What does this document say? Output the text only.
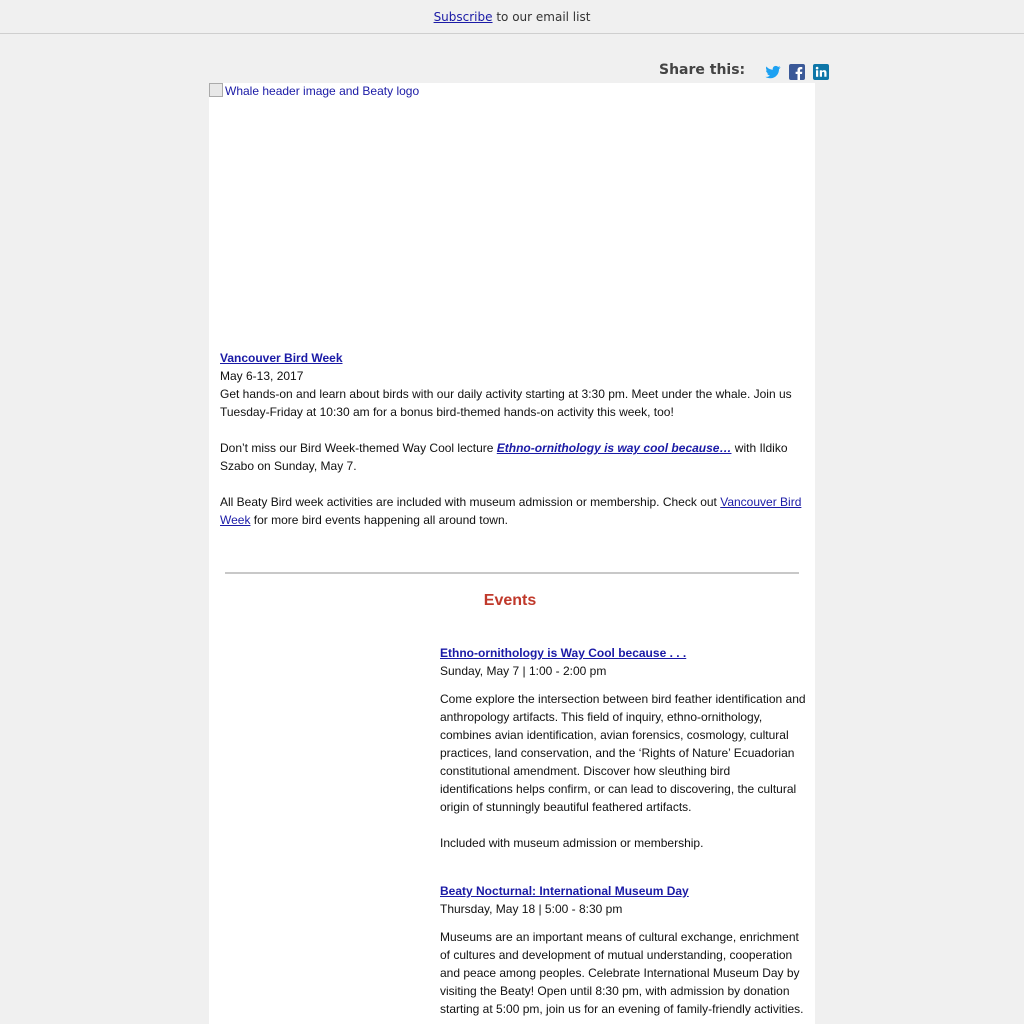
Subscribe to our email list
Share this:
Whale header image and Beaty logo

Vancouver Bird Week
May 6-13, 2017
Get hands-on and learn about birds with our daily activity starting at 3:30 pm. Meet under the whale. Join us Tuesday-Friday at 10:30 am for a bonus bird-themed hands-on activity this week, too!

Don’t miss our Bird Week-themed Way Cool lecture Ethno-ornithology is way cool because… with Ildiko Szabo on Sunday, May 7.

All Beaty Bird week activities are included with museum admission or membership. Check out Vancouver Bird Week for more bird events happening all around town.

Events
Ethno-ornithology is Way Cool because . . .
Sunday, May 7 | 1:00 - 2:00 pm

Come explore the intersection between bird feather identification and anthropology artifacts. This field of inquiry, ethno-ornithology, combines avian identification, avian forensics, cosmology, cultural practices, land conservation, and the ‘Rights of Nature’ Ecuadorian constitutional amendment. Discover how sleuthing bird identifications helps confirm, or can lead to discovering, the cultural origin of stunningly beautiful feathered artifacts.

Included with museum admission or membership.

Beaty Nocturnal: International Museum Day
Thursday, May 18 | 5:00 - 8:30 pm

Museums are an important means of cultural exchange, enrichment of cultures and development of mutual understanding, cooperation and peace among peoples. Celebrate International Museum Day by visiting the Beaty! Open until 8:30 pm, with admission by donation starting at 5:00 pm, join us for an evening of family-friendly activities.
